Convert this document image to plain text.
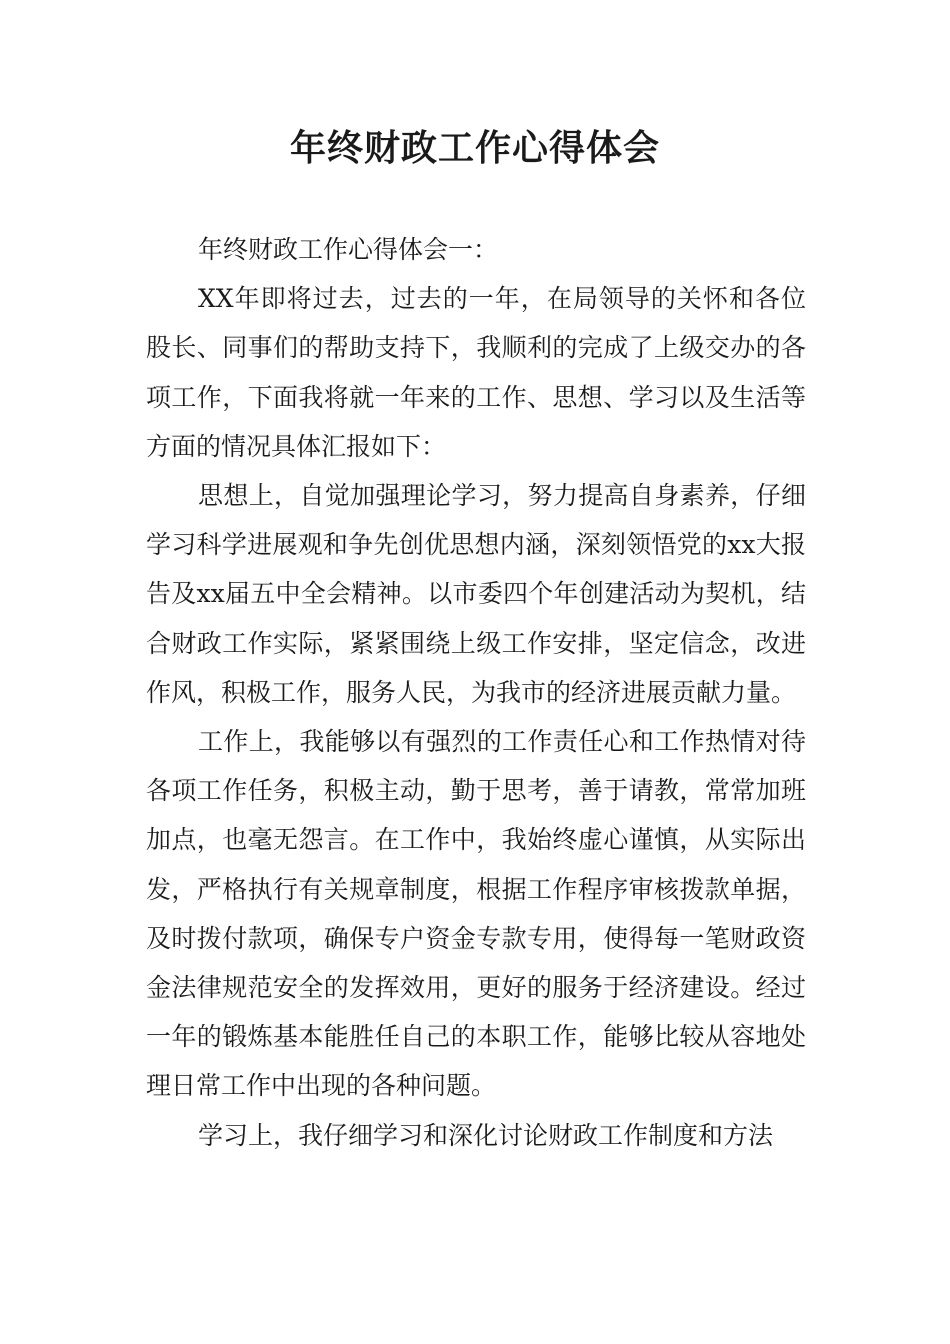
年终财政工作心得体会

年终财政工作心得体会一：

XX年即将过去，过去的一年，在局领导的关怀和各位股长、同事们的帮助支持下，我顺利的完成了上级交办的各项工作，下面我将就一年来的工作、思想、学习以及生活等方面的情况具体汇报如下：

思想上，自觉加强理论学习，努力提高自身素养，仔细学习科学进展观和争先创优思想内涵，深刻领悟党的xx大报告及xx届五中全会精神。以市委四个年创建活动为契机，结合财政工作实际，紧紧围绕上级工作安排，坚定信念，改进作风，积极工作，服务人民，为我市的经济进展贡献力量。

工作上，我能够以有强烈的工作责任心和工作热情对待各项工作任务，积极主动，勤于思考，善于请教，常常加班加点，也毫无怨言。在工作中，我始终虚心谨慎，从实际出发，严格执行有关规章制度，根据工作程序审核拨款单据，及时拨付款项，确保专户资金专款专用，使得每一笔财政资金法律规范安全的发挥效用，更好的服务于经济建设。经过一年的锻炼基本能胜任自己的本职工作，能够比较从容地处理日常工作中出现的各种问题。

学习上，我仔细学习和深化讨论财政工作制度和方法
